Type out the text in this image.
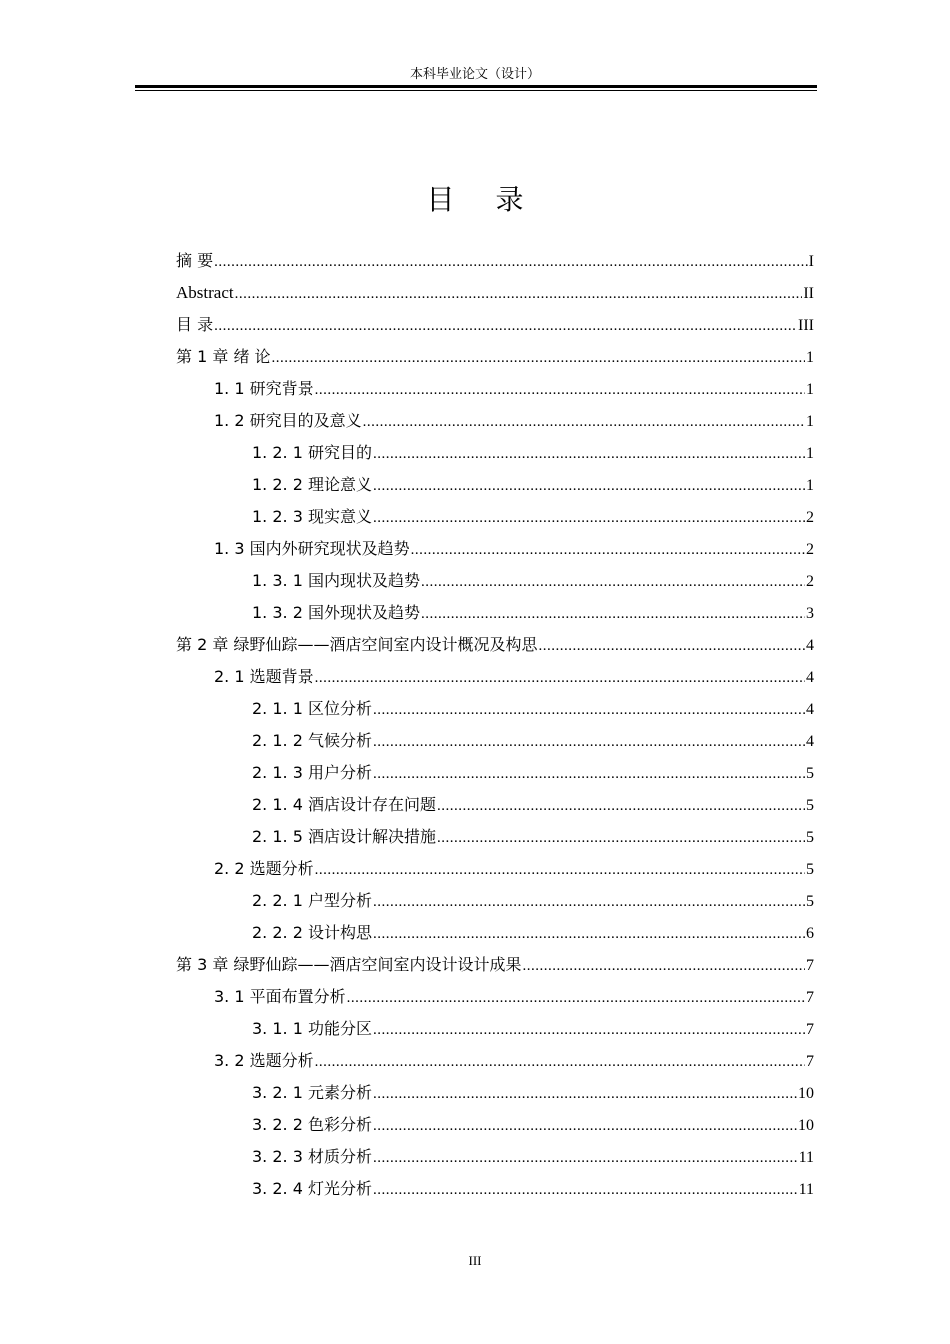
本科毕业论文（设计）
目 录
摘 要 .....	I
Abstract .....	II
目 录 .....	III
第 1 章 绪 论 .....	1
1. 1 研究背景 .....	1
1. 2 研究目的及意义 .....	1
1. 2. 1 研究目的 .....	1
1. 2. 2 理论意义 .....	1
1. 2. 3 现实意义 .....	2
1. 3 国内外研究现状及趋势 .....	2
1. 3. 1 国内现状及趋势 .....	2
1. 3. 2 国外现状及趋势 .....	3
第 2 章 绿野仙踪——酒店空间室内设计概况及构思 .....	4
2. 1 选题背景 .....	4
2. 1. 1 区位分析 .....	4
2. 1. 2 气候分析 .....	4
2. 1. 3 用户分析 .....	5
2. 1. 4 酒店设计存在问题 .....	5
2. 1. 5 酒店设计解决措施 .....	5
2. 2 选题分析 .....	5
2. 2. 1 户型分析 .....	5
2. 2. 2 设计构思 .....	6
第 3 章 绿野仙踪——酒店空间室内设计设计成果 .....	7
3. 1 平面布置分析 .....	7
3. 1. 1 功能分区 .....	7
3. 2 选题分析 .....	7
3. 2. 1 元素分析 .....	10
3. 2. 2 色彩分析 .....	10
3. 2. 3 材质分析 .....	11
3. 2. 4 灯光分析 .....	11
III
